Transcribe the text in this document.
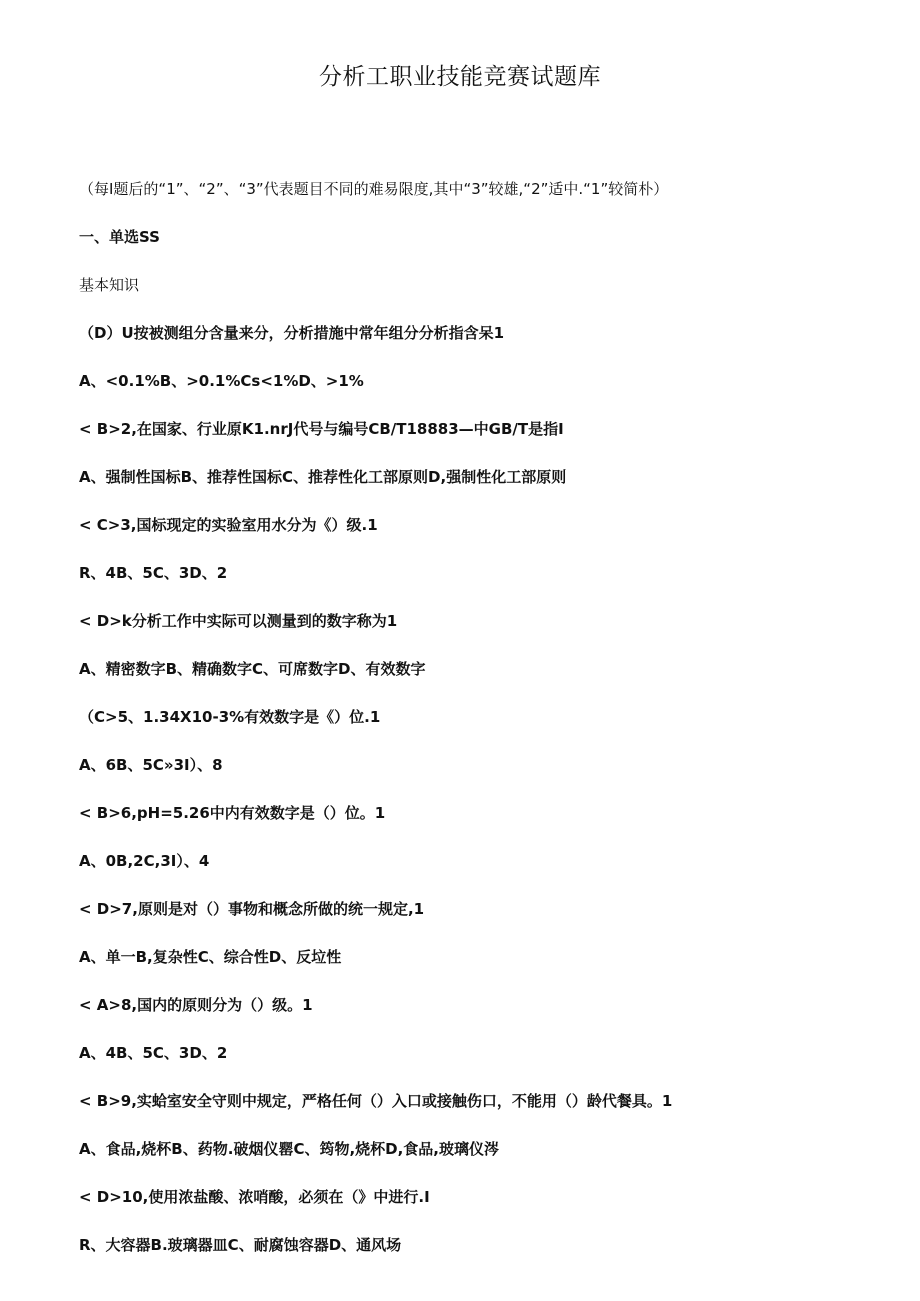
分析工职业技能竞赛试题库
（每I题后的“1”、“2”、“3”代表题目不同的难易限度,其中“3”较雄,“2”适中.“1”较简朴）
一、单选SS
基本知识
（D）U按被测组分含量来分，分析措施中常年组分分析指含呆1
A、<0.1%B、>0.1%Cs<1%D、>1%
< B>2,在国家、行业原K1.nrJ代号与编号CB/T18883—中GB/T是指I
A、强制性国标B、推荐性国标C、推荐性化工部原则D,强制性化工部原则
< C>3,国标现定的实验室用水分为《）级.1
R、4B、5C、3D、2
< D>k分析工作中实际可以测量到的数字称为1
A、精密数字B、精确数字C、可席数字D、有效数字
（C>5、1.34X10-3%有效数字是《）位.1
A、6B、5C»3I）、8
< B>6,pH=5.26中内有效数字是（）位。1
A、0B,2C,3I）、4
< D>7,原则是对（）事物和概念所做的统一规定,1
A、单一B,复杂性C、综合性D、反垃性
< A>8,国内的原则分为（）级。1
A、4B、5C、3D、2
< B>9,实蛤室安全守则中规定，严格任何（）入口或接触伤口，不能用（）龄代餐具。1
A、食品,烧杯B、药物.破烟仪罂C、筠物,烧杯D,食品,玻璃仪涔
< D>10,使用浓盐酸、浓哨酸，必须在（》中进行.I
R、大容器B.玻璃器皿C、耐腐蚀容器D、通风场
